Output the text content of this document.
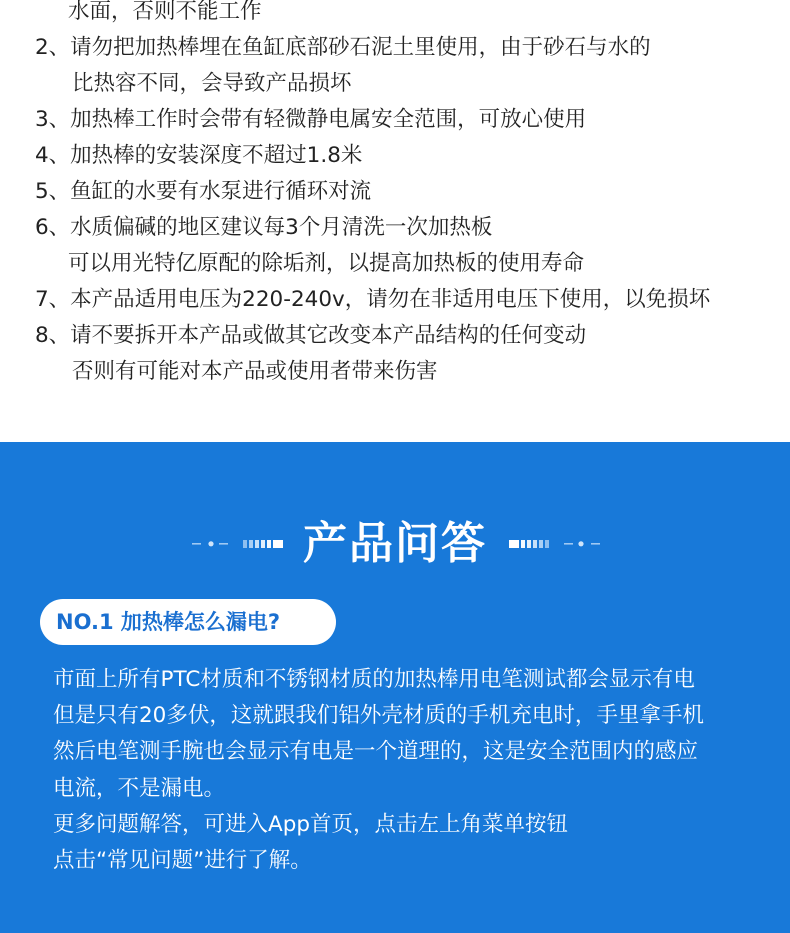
水面，否则不能工作

2、请勿把加热棒埋在鱼缸底部砂石泥土里使用，由于砂石与水的

比热容不同，会导致产品损坏

3、加热棒工作时会带有轻微静电属安全范围，可放心使用

4、加热棒的安装深度不超过1.8米

5、鱼缸的水要有水泵进行循环对流

6、水质偏碱的地区建议每3个月清洗一次加热板

可以用光特亿原配的除垢剂，以提高加热板的使用寿命

7、本产品适用电压为220-240v，请勿在非适用电压下使用，以免损坏

8、请不要拆开本产品或做其它改变本产品结构的任何变动

否则有可能对本产品或使用者带来伤害

产品问答
NO.1 加热棒怎么漏电?

市面上所有PTC材质和不锈钢材质的加热棒用电笔测试都会显示有电

但是只有20多伏，这就跟我们铝外壳材质的手机充电时，手里拿手机

然后电笔测手腕也会显示有电是一个道理的，这是安全范围内的感应

电流，不是漏电。

更多问题解答，可进入App首页，点击左上角菜单按钮

点击“常见问题”进行了解。
